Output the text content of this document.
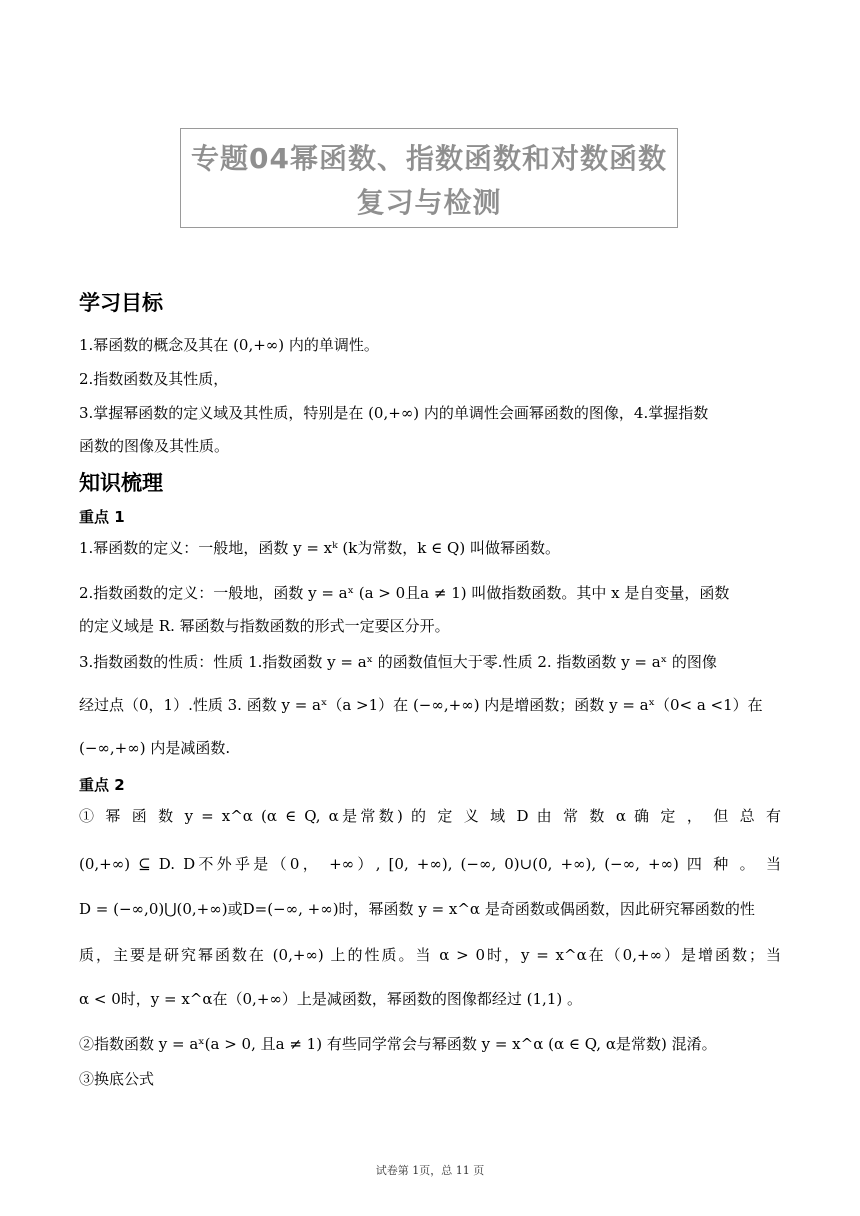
专题04幂函数、指数函数和对数函数
复习与检测
学习目标
1.幂函数的概念及其在 (0,+∞) 内的单调性。
2.指数函数及其性质，
3.掌握幂函数的定义域及其性质，特别是在 (0,+∞) 内的单调性会画幂函数的图像，4.掌握指数
函数的图像及其性质。
知识梳理
重点 1
1.幂函数的定义：一般地，函数 y = xᵏ (k为常数，k ∈ Q) 叫做幂函数。
2.指数函数的定义：一般地，函数 y = aˣ (a > 0且a ≠ 1) 叫做指数函数。其中 x 是自变量，函数
的定义域是 R. 幂函数与指数函数的形式一定要区分开。
3.指数函数的性质：性质 1.指数函数 y = aˣ 的函数值恒大于零.性质 2. 指数函数 y = aˣ 的图像
经过点（0，1）.性质 3. 函数 y = aˣ（a >1）在 (−∞,+∞) 内是增函数；函数 y = aˣ（0< a <1）在
(−∞,+∞) 内是减函数.
重点 2
① 幂 函 数 y = x^α (α ∈ Q, α是常数) 的 定 义 域 D 由 常 数 α 确 定 ， 但 总 有
(0,+∞) ⊆ D. D不外乎是（0， +∞）, [0, +∞), (−∞, 0)∪(0, +∞), (−∞, +∞) 四 种 。 当
D = (−∞,0)⋃(0,+∞)或D=(−∞, +∞)时，幂函数 y = x^α 是奇函数或偶函数，因此研究幂函数的性
质，主要是研究幂函数在 (0,+∞) 上的性质。当 α > 0时，y = x^α在（0,+∞）是增函数；当
α < 0时，y = x^α在（0,+∞）上是减函数，幂函数的图像都经过 (1,1) 。
②指数函数 y = aˣ(a > 0, 且a ≠ 1) 有些同学常会与幂函数 y = x^α (α ∈ Q, α是常数) 混淆。
③换底公式
试卷第 1页，总 11 页
